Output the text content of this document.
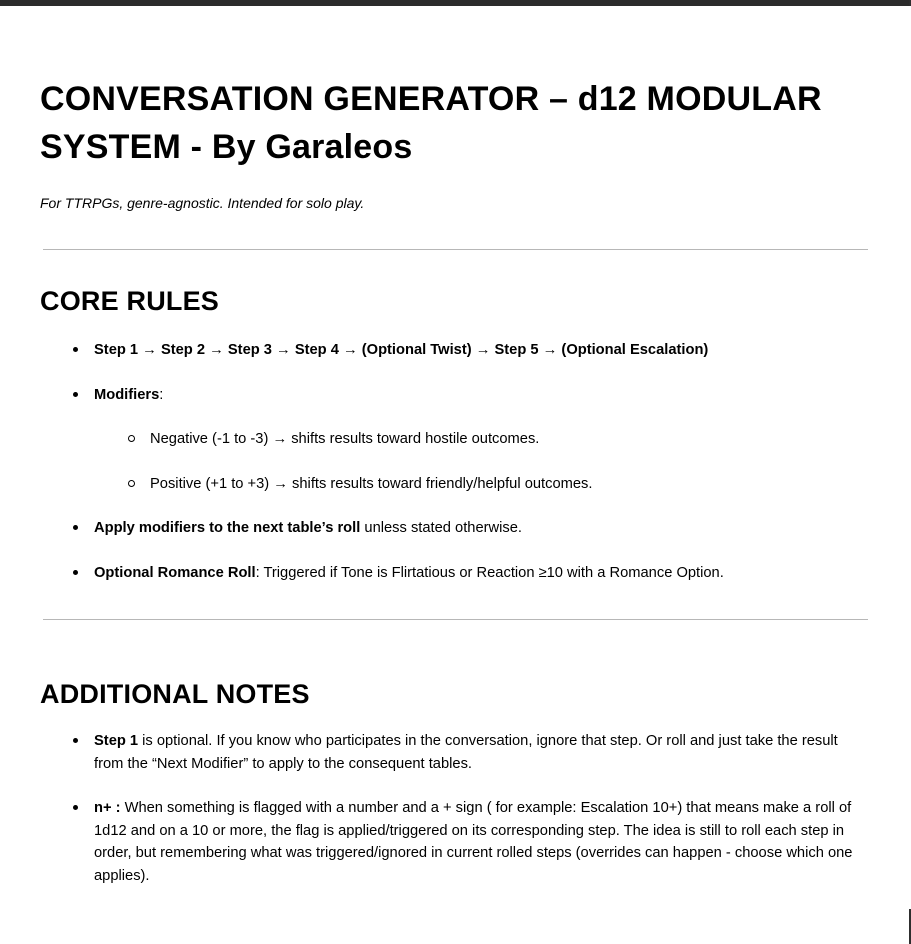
CONVERSATION GENERATOR – d12 MODULAR SYSTEM - By Garaleos

For TTRPGs, genre-agnostic. Intended for solo play.

CORE RULES
Step 1 → Step 2 → Step 3 → Step 4 → (Optional Twist) → Step 5 → (Optional Escalation)
Modifiers:
Negative (-1 to -3) → shifts results toward hostile outcomes.
Positive (+1 to +3) → shifts results toward friendly/helpful outcomes.
Apply modifiers to the next table’s roll unless stated otherwise.
Optional Romance Roll: Triggered if Tone is Flirtatious or Reaction ≥10 with a Romance Option.
ADDITIONAL NOTES
Step 1 is optional. If you know who participates in the conversation, ignore that step. Or roll and just take the result from the “Next Modifier” to apply to the consequent tables.
n+ : When something is flagged with a number and a + sign ( for example: Escalation 10+) that means make a roll of 1d12 and on a 10 or more, the flag is applied/triggered on its corresponding step. The idea is still to roll each step in order, but remembering what was triggered/ignored in current rolled steps (overrides can happen - choose which one applies).
